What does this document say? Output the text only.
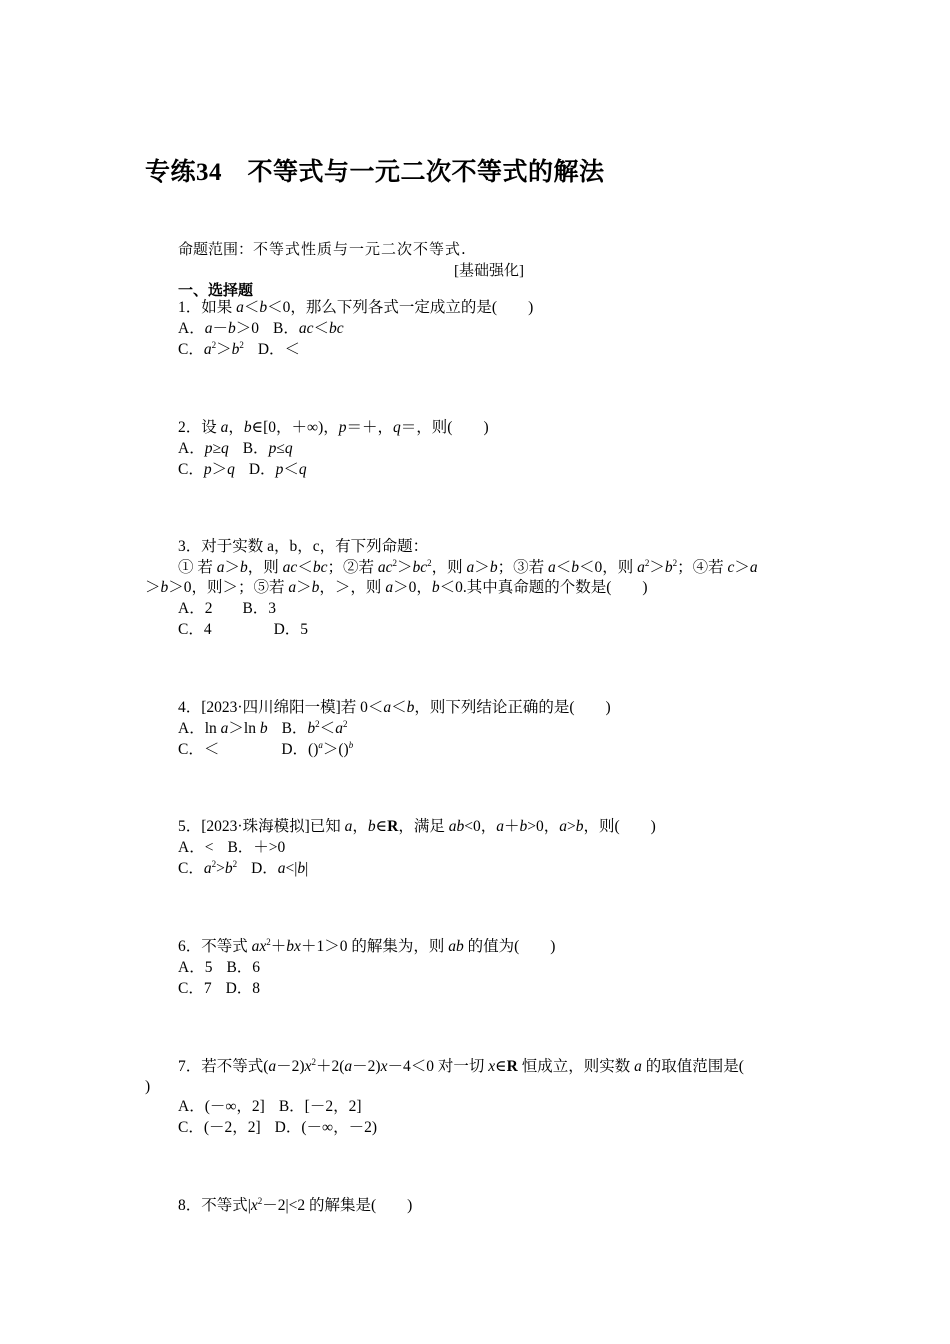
专练34　不等式与一元二次不等式的解法
命题范围：不等式性质与一元二次不等式.
[基础强化]
一、选择题
1．如果 a＜b＜0，那么下列各式一定成立的是(　　)
A．a－b＞0 B．ac＜bc
C．$a^2>b^2$ D．＜
2．设 a，b∈[0，＋∞)，p＝＋，q＝，则(　　)
A．p≥q B．p≤q
C．p＞q D．p＜q
3．对于实数 a，b，c，有下列命题：
① 若 a＞b，则 ac＜bc；②若 $ac^2>bc^2$，则 a＞b；③若 a＜b＜0，则 $a^2>b^2$；④若 c＞a
＞b＞0，则＞；⑤若 a＞b，＞，则 a＞0，b＜0.其中真命题的个数是(　　)
A．2 B．3
C．4	D．5
4．[2023·四川绵阳一模]若 0＜a＜b，则下列结论正确的是(　　)
A．ln a＞ln b B．$b^2<a^2$
C．＜	D．()$^a$＞()$^b$
5．[2023·珠海模拟]已知 a，b∈R，满足 ab<0，a＋b>0，a>b，则(　　)
A．< B．＋>0
C．$a^2>b^2$ D．a<|b|
6．不等式 $ax^2+bx+1>0$ 的解集为，则 ab 的值为(　　)
A．5 B．6
C．7 D．8
7．若不等式$(a-2)x^2+2(a-2)x-4<0$ 对一切 x∈R 恒成立，则实数 a 的取值范围是(
)
A．(－∞，2] B．[－2，2]
C．(－2，2] D．(－∞，－2)
8．不等式$|x^2-2|<2$ 的解集是(　　)
